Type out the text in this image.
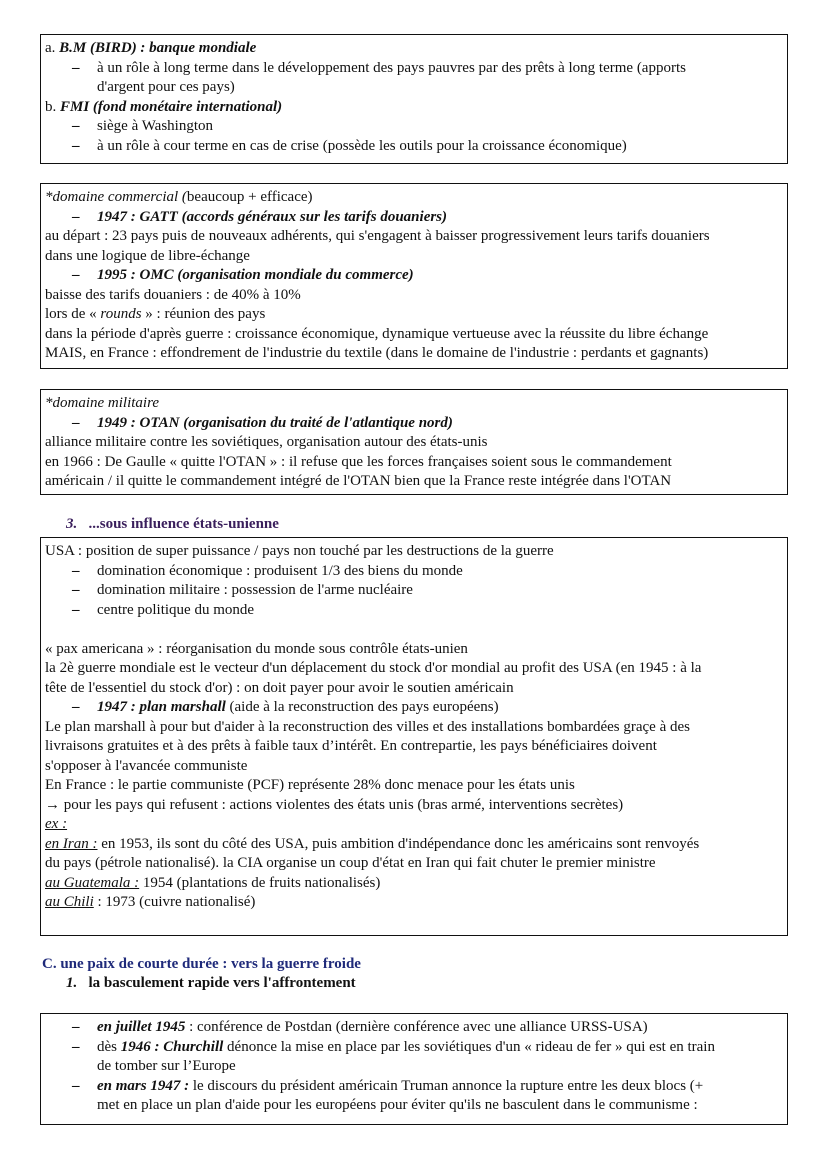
a. B.M (BIRD) : banque mondiale
– à un rôle à long terme dans le développement des pays pauvres par des prêts à long terme (apports
d'argent pour ces pays)
b. FMI (fond monétaire international)
– siège à Washington
– à un rôle à cour terme en cas de crise (possède les outils pour la croissance économique)
*domaine commercial (beaucoup + efficace)
– 1947 : GATT (accords généraux sur les tarifs douaniers)
au départ : 23 pays puis de nouveaux adhérents, qui s'engagent à baisser progressivement leurs tarifs douaniers
dans une logique de libre-échange
– 1995 : OMC (organisation mondiale du commerce)
baisse des tarifs douaniers : de 40% à 10%
lors de « rounds » : réunion des pays
dans la période d'après guerre : croissance économique, dynamique vertueuse avec la réussite du libre échange
MAIS, en France : effondrement de l'industrie du textile (dans le domaine de l'industrie : perdants et gagnants)
*domaine militaire
– 1949 : OTAN (organisation du traité de l'atlantique nord)
alliance militaire contre les soviétiques, organisation autour des états-unis
en 1966 : De Gaulle « quitte l'OTAN » : il refuse que les forces françaises soient sous le commandement
américain / il quitte le commandement intégré de l'OTAN bien que la France reste intégrée dans l'OTAN
3. ...sous influence états-unienne
USA : position de super puissance / pays non touché par les destructions de la guerre
– domination économique : produisent 1/3 des biens du monde
– domination militaire : possession de l'arme nucléaire
– centre politique du monde
« pax americana » : réorganisation du monde sous contrôle états-unien
la 2è guerre mondiale est le vecteur d'un déplacement du stock d'or mondial au profit des USA (en 1945 : à la
tête de l'essentiel du stock d'or) : on doit payer pour avoir le soutien américain
– 1947 : plan marshall (aide à la reconstruction des pays européens)
Le plan marshall à pour but d'aider à la reconstruction des villes et des installations bombardées graçe à des
livraisons gratuites et à des prêts à faible taux d’intérêt. En contrepartie, les pays bénéficiaires doivent
s'opposer à l'avancée communiste
En France : le partie communiste (PCF) représente 28% donc menace pour les états unis
→ pour les pays qui refusent : actions violentes des états unis (bras armé, interventions secrètes)
ex :
en Iran : en 1953, ils sont du côté des USA, puis ambition d'indépendance donc les américains sont renvoyés
du pays (pétrole nationalisé). la CIA organise un coup d'état en Iran qui fait chuter le premier ministre
au Guatemala : 1954 (plantations de fruits nationalisés)
au Chili : 1973 (cuivre nationalisé)
C. une paix de courte durée : vers la guerre froide
1. la basculement rapide vers l'affrontement
– en juillet 1945 : conférence de Postdan (dernière conférence avec une alliance URSS-USA)
– dès 1946 : Churchill dénonce la mise en place par les soviétiques d'un « rideau de fer » qui est en train
de tomber sur l’Europe
– en mars 1947 : le discours du président américain Truman annonce la rupture entre les deux blocs (+
met en place un plan d'aide pour les européens pour éviter qu'ils ne basculent dans le communisme :
